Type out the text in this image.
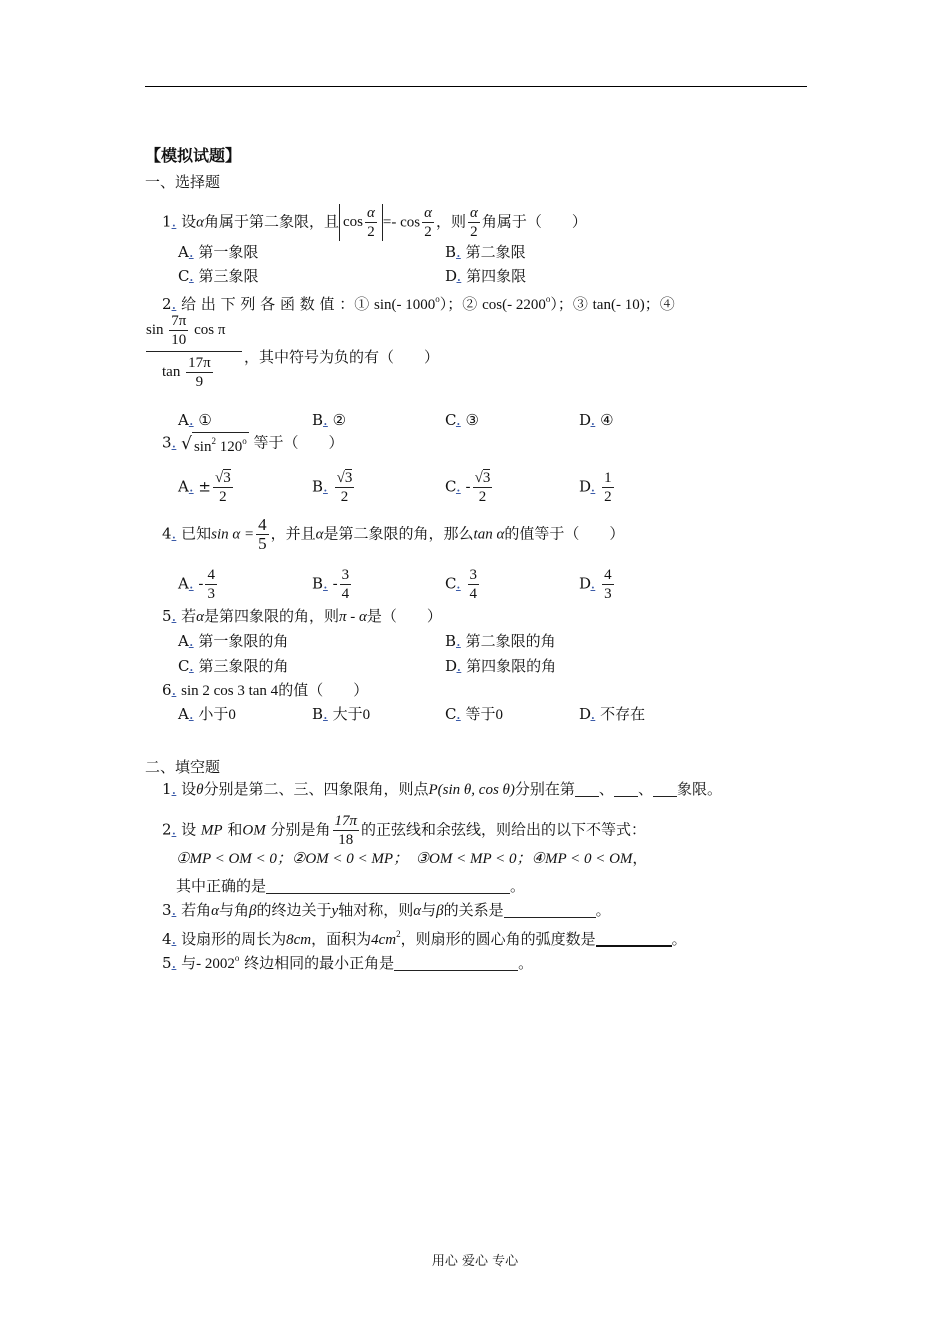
【模拟试题】
一、选择题
1. 设α角属于第二象限，且 $\cos \frac{\alpha}{2} =- \cos \frac{\alpha}{2}$ ，则 $\frac{\alpha}{2}$ 角属于（　　）
A. 第一象限	B. 第二象限
C. 第三象限	D. 第四象限
2. 给 出 下 列 各 函 数 值 ：① sin(- 1000$^o$）；② cos(- 2200$^o$）；③ tan(- 10)；④
$\frac{\sin \frac{7\pi}{10} \cos \pi}{\tan \frac{17\pi}{9}}$ ，其中符号为负的有（　　）
A. ①	B. ②	C. ③	D. ④
3. √ $\sin^2 120^o$ 等于（　　）
A. ± $\frac{√3}{2}$	B. $\frac{√3}{2}$	C. - $\frac{√3}{2}$	D. $\frac{1}{2}$
4. 已知$\sin \alpha = \frac{4}{5}$ ，并且α是第二象限的角，那么tan α的值等于（　　）
A. - $\frac{4}{3}$	B. - $\frac{3}{4}$	C. $\frac{3}{4}$	D. $\frac{4}{3}$
5. 若α是第四象限的角，则π - α是（　　）
A. 第一象限的角	B. 第二象限的角
C. 第三象限的角	D. 第四象限的角
6. sin 2 cos 3 tan 4的值（　　）
A. 小于0	B. 大于0	C. 等于0	D. 不存在
二、填空题
1. 设θ分别是第二、三、四象限角，则点P(sin θ, cos θ)分别在第 、 、 象限。
2. 设 MP 和OM 分别是角 $\frac{17\pi}{18}$ 的正弦线和余弦线，则给出的以下不等式：
①MP < OM < 0；②OM < 0 < MP；　③OM < MP < 0；④MP < 0 < OM，
其中正确的是	。
3. 若角α与角β的终边关于y轴对称，则α与β的关系是	。
4. 设扇形的周长为8cm，面积为$4cm^2$，则扇形的圆心角的弧度数是	。
5. 与- 2002$^o$ 终边相同的最小正角是	。
用心 爱心 专心
